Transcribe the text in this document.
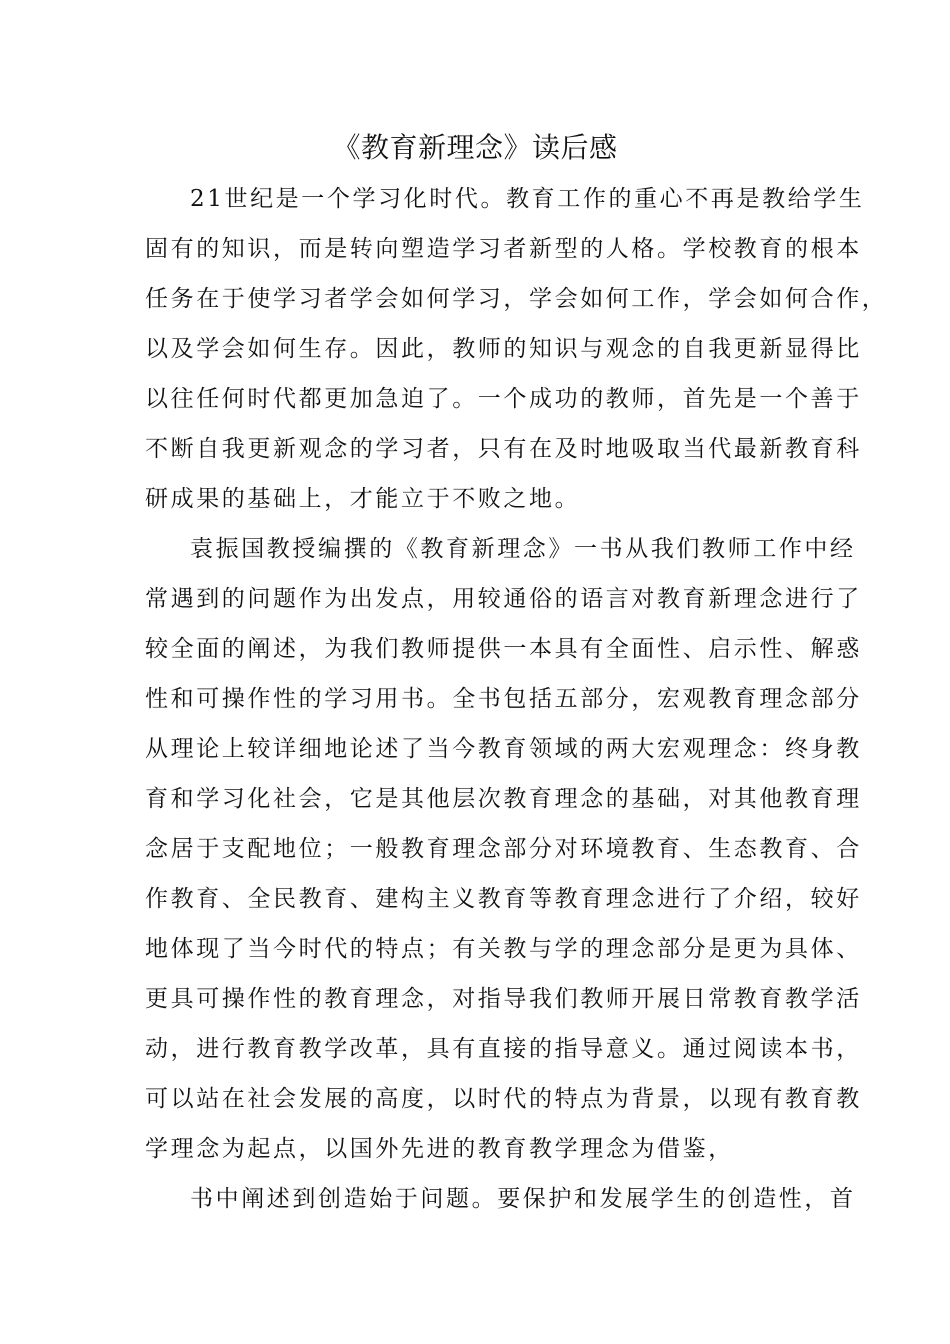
《教育新理念》读后感
21世纪是一个学习化时代。教育工作的重心不再是教给学生
固有的知识，而是转向塑造学习者新型的人格。学校教育的根本
任务在于使学习者学会如何学习，学会如何工作，学会如何合作，
以及学会如何生存。因此，教师的知识与观念的自我更新显得比
以往任何时代都更加急迫了。一个成功的教师，首先是一个善于
不断自我更新观念的学习者，只有在及时地吸取当代最新教育科
研成果的基础上，才能立于不败之地。
袁振国教授编撰的《教育新理念》一书从我们教师工作中经
常遇到的问题作为出发点，用较通俗的语言对教育新理念进行了
较全面的阐述，为我们教师提供一本具有全面性、启示性、解惑
性和可操作性的学习用书。全书包括五部分，宏观教育理念部分
从理论上较详细地论述了当今教育领域的两大宏观理念：终身教
育和学习化社会，它是其他层次教育理念的基础，对其他教育理
念居于支配地位；一般教育理念部分对环境教育、生态教育、合
作教育、全民教育、建构主义教育等教育理念进行了介绍，较好
地体现了当今时代的特点；有关教与学的理念部分是更为具体、
更具可操作性的教育理念，对指导我们教师开展日常教育教学活
动，进行教育教学改革，具有直接的指导意义。通过阅读本书，
可以站在社会发展的高度，以时代的特点为背景，以现有教育教
学理念为起点，以国外先进的教育教学理念为借鉴，
书中阐述到创造始于问题。要保护和发展学生的创造性，首
